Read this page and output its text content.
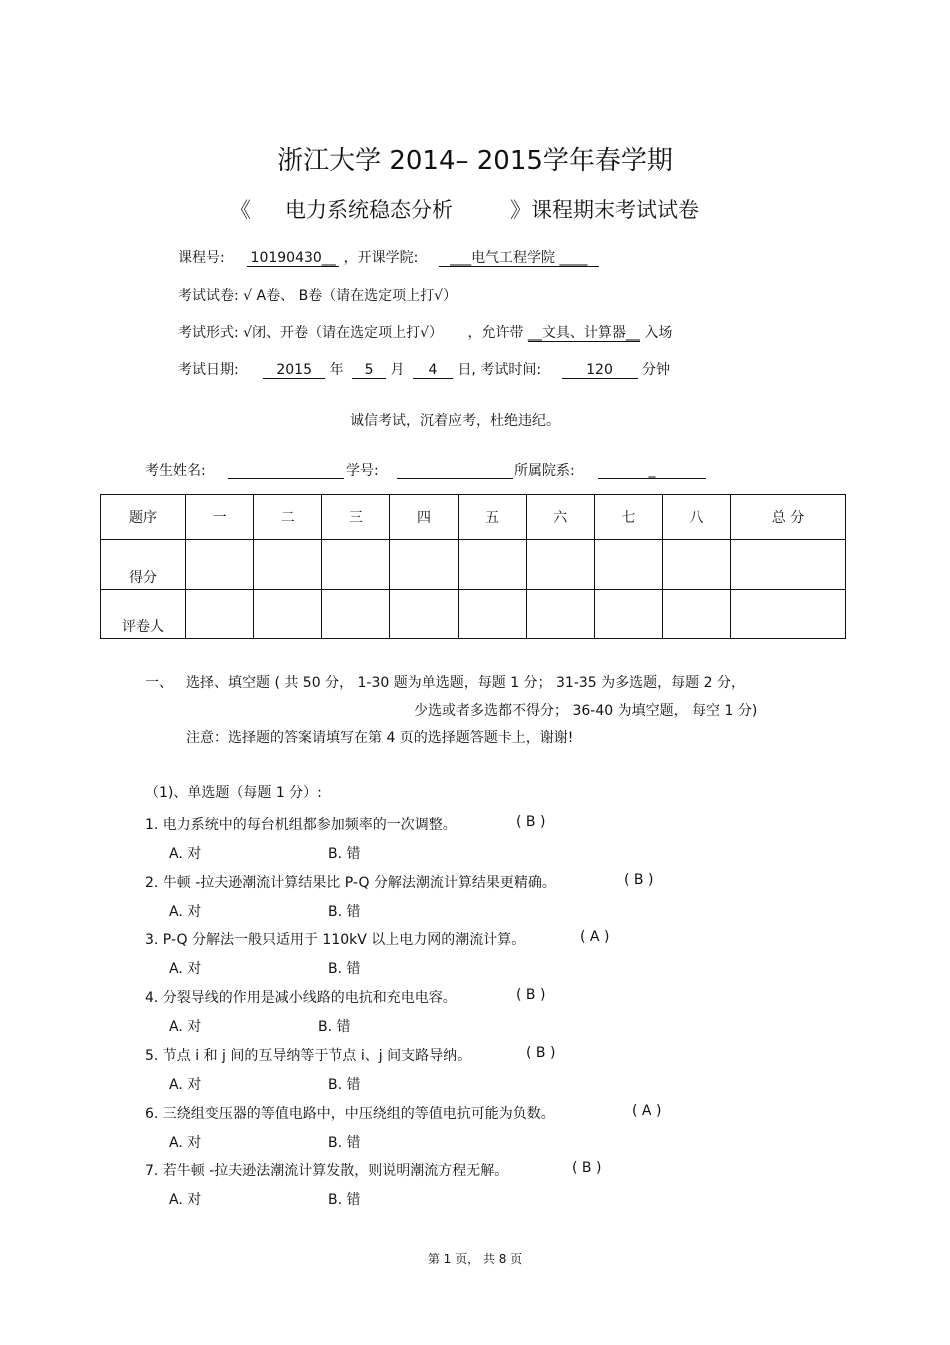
浙江大学 2014– 2015学年春学期
《 电力系统稳态分析	》课程期末考试试卷
课程号: 10190430__ ，开课学院: ___电气工程学院 ____
考试试卷: √ A卷、 B卷（请在选定项上打√）
考试形式: √闭、开卷（请在选定项上打√） ，允许带 __文具、计算器__ 入场
考试日期:	2015 年 5 月 4 日, 考试时间:	120 分钟
诚信考试，沉着应考，杜绝违纪。
考生姓名:	学号:	所属院系:	_
题序	一	二	三	四	五	六	七	八	总 分
得分									
评卷人									
一、 选择、填空题 ( 共 50 分， 1-30 题为单选题，每题 1 分； 31-35 为多选题，每题 2 分，
少选或者多选都不得分； 36-40 为填空题， 每空 1 分)
注意：选择题的答案请填写在第 4 页的选择题答题卡上，谢谢!
（1)、单选题（每题 1 分）:
1. 电力系统中的每台机组都参加频率的一次调整。	( B )
A. 对	B. 错
2. 牛顿 -拉夫逊潮流计算结果比 P-Q 分解法潮流计算结果更精确。	( B )
A. 对	B. 错
3. P-Q 分解法一般只适用于 110kV 以上电力网的潮流计算。	( A )
A. 对	B. 错
4. 分裂导线的作用是减小线路的电抗和充电电容。	( B )
A. 对	B. 错
5. 节点 i 和 j 间的互导纳等于节点 i、j 间支路导纳。	( B )
A. 对	B. 错
6. 三绕组变压器的等值电路中，中压绕组的等值电抗可能为负数。	( A )
A. 对	B. 错
7. 若牛顿 -拉夫逊法潮流计算发散，则说明潮流方程无解。	( B )
A. 对	B. 错
第 1 页， 共 8 页
